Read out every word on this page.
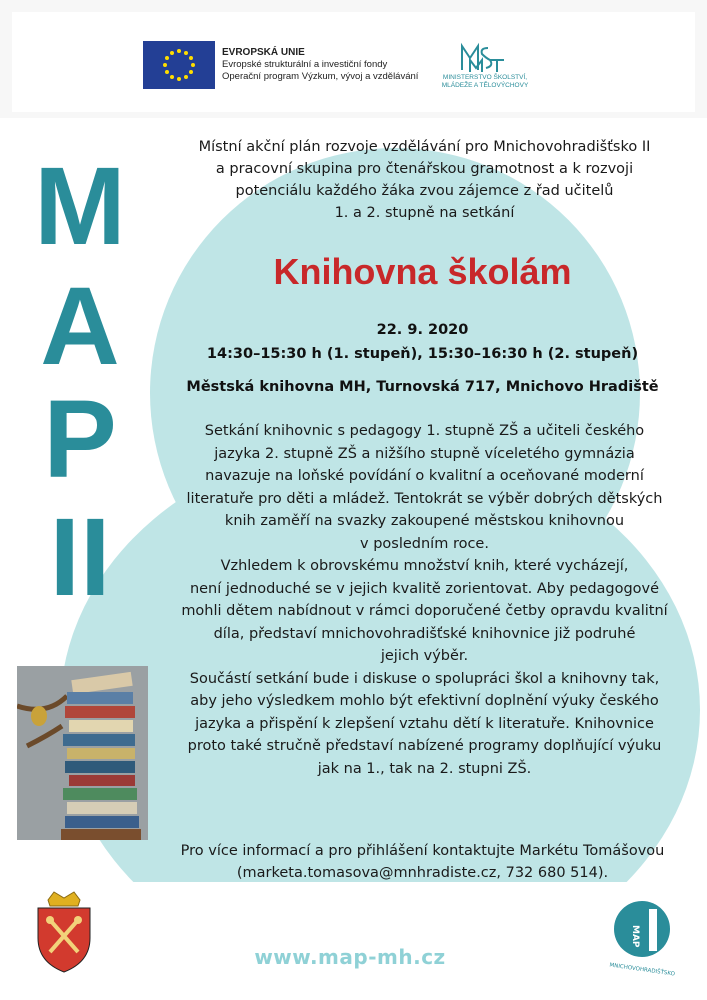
EVROPSKÁ UNIE
Evropské strukturální a investiční fondy
Operační program Výzkum, vývoj a vzdělávání	MINISTERSTVO ŠKOLSTVÍ,
MLÁDEŽE A TĚLOVÝCHOVY
M
A
P
II
Místní akční plán rozvoje vzdělávání pro Mnichovohradišťsko II
a pracovní skupina pro čtenářskou gramotnost a k rozvoji
potenciálu každého žáka zvou zájemce z řad učitelů
1. a 2. stupně na setkání
Knihovna školám
22. 9. 2020
14:30–15:30 h (1. stupeň), 15:30–16:30 h (2. stupeň)
Městská knihovna MH, Turnovská 717, Mnichovo Hradiště
Setkání knihovnic s pedagogy 1. stupně ZŠ a učiteli českého
jazyka 2. stupně ZŠ a nižšího stupně víceletého gymnázia
navazuje na loňské povídání o kvalitní a oceňované moderní
literatuře pro děti a mládež. Tentokrát se výběr dobrých dětských
knih zaměří na svazky zakoupené městskou knihovnou
v posledním roce.
Vzhledem k obrovskému množství knih, které vycházejí,
není jednoduché se v jejich kvalitě zorientovat. Aby pedagogové
mohli dětem nabídnout v rámci doporučené četby opravdu kvalitní
díla, představí mnichovohradišťské knihovnice již podruhé
jejich výběr.
Součástí setkání bude i diskuse o spolupráci škol a knihovny tak,
aby jeho výsledkem mohlo být efektivní doplnění výuky českého
jazyka a přispění k zlepšení vztahu dětí k literatuře. Knihovnice
proto také stručně představí nabízené programy doplňující výuku
jak na 1., tak na 2. stupni ZŠ.
Pro více informací a pro přihlášení kontaktujte Markétu Tomášovou
(marketa.tomasova@mnhradiste.cz, 732 680 514).
www.map-mh.cz
MAP
MNICHOVOHRADIŠŤSKO
